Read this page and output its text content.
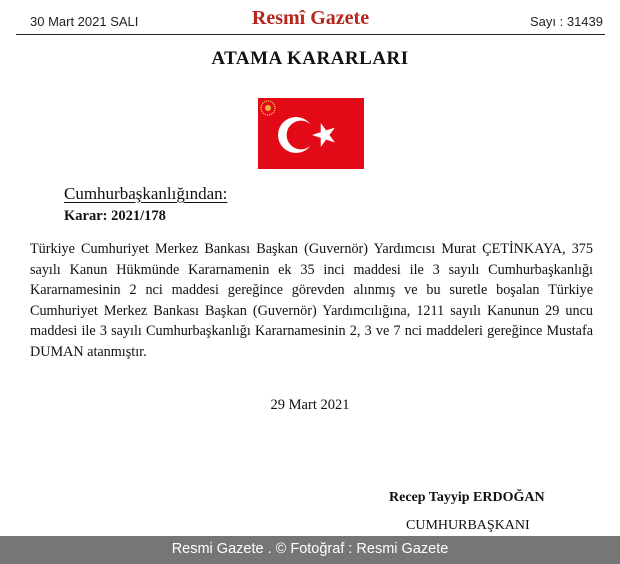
30 Mart 2021 SALI	Resmî Gazete	Sayı : 31439
ATAMA KARARLARI
Cumhurbaşkanlığından:
Karar: 2021/178
Türkiye Cumhuriyet Merkez Bankası Başkan (Guvernör) Yardımcısı Murat ÇETİNKAYA, 375 sayılı Kanun Hükmünde Kararnamenin ek 35 inci maddesi ile 3 sayılı Cumhurbaşkanlığı Kararnamesinin 2 nci maddesi gereğince görevden alınmış ve bu suretle boşalan Türkiye Cumhuriyet Merkez Bankası Başkan (Guvernör) Yardımcılığına, 1211 sayılı Kanunun 29 uncu maddesi ile 3 sayılı Cumhurbaşkanlığı Kararnamesinin 2, 3 ve 7 nci maddeleri gereğince Mustafa DUMAN atanmıştır.
29 Mart 2021
Recep Tayyip ERDOĞAN
CUMHURBAŞKANI
Resmi Gazete . © Fotoğraf : Resmi Gazete
